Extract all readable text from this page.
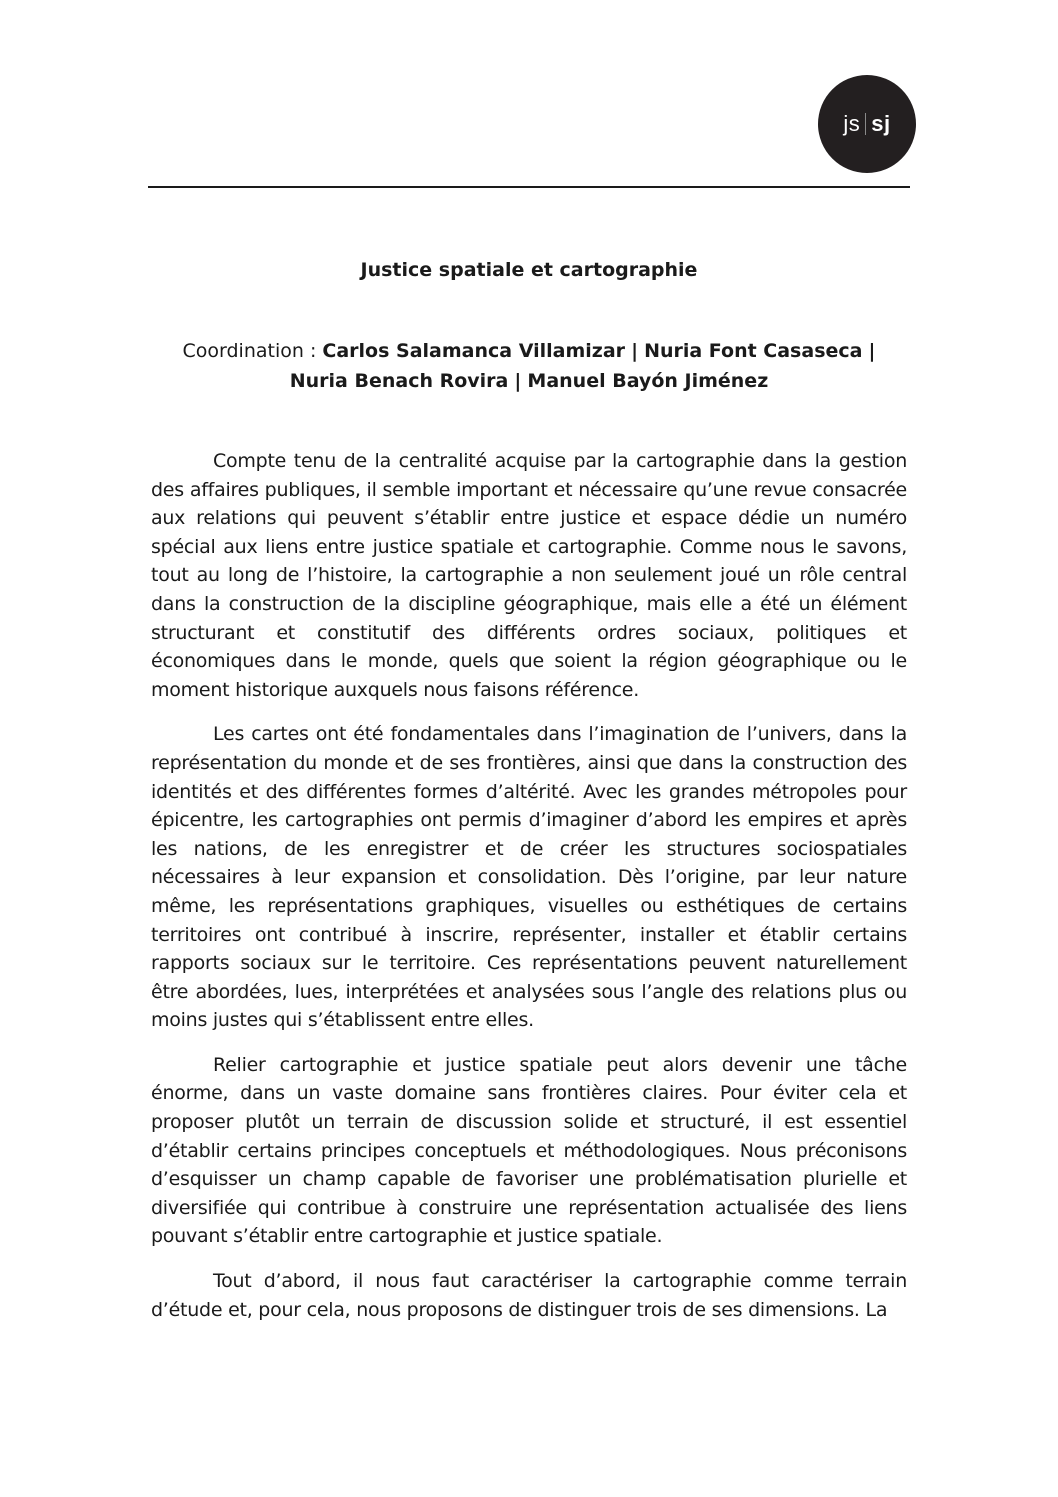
js sj
Justice spatiale et cartographie
Coordination : Carlos Salamanca Villamizar | Nuria Font Casaseca |
Nuria Benach Rovira | Manuel Bayón Jiménez

Compte tenu de la centralité acquise par la cartographie dans la gestion des affaires publiques, il semble important et nécessaire qu’une revue consacrée aux relations qui peuvent s’établir entre justice et espace dédie un numéro spécial aux liens entre justice spatiale et cartographie. Comme nous le savons, tout au long de l’histoire, la cartographie a non seulement joué un rôle central dans la construction de la discipline géographique, mais elle a été un élément structurant et constitutif des différents ordres sociaux, politiques et économiques dans le monde, quels que soient la région géographique ou le moment historique auxquels nous faisons référence.

Les cartes ont été fondamentales dans l’imagination de l’univers, dans la représentation du monde et de ses frontières, ainsi que dans la construction des identités et des différentes formes d’altérité. Avec les grandes métropoles pour épicentre, les cartographies ont permis d’imaginer d’abord les empires et après les nations, de les enregistrer et de créer les structures sociospatiales nécessaires à leur expansion et consolidation. Dès l’origine, par leur nature même, les représentations graphiques, visuelles ou esthétiques de certains territoires ont contribué à inscrire, représenter, installer et établir certains rapports sociaux sur le territoire. Ces représentations peuvent naturellement être abordées, lues, interprétées et analysées sous l’angle des relations plus ou moins justes qui s’établissent entre elles.

Relier cartographie et justice spatiale peut alors devenir une tâche énorme, dans un vaste domaine sans frontières claires. Pour éviter cela et proposer plutôt un terrain de discussion solide et structuré, il est essentiel d’établir certains principes conceptuels et méthodologiques. Nous préconisons d’esquisser un champ capable de favoriser une problématisation plurielle et diversifiée qui contribue à construire une représentation actualisée des liens pouvant s’établir entre cartographie et justice spatiale.

Tout d’abord, il nous faut caractériser la cartographie comme terrain d’étude et, pour cela, nous proposons de distinguer trois de ses dimensions. La
